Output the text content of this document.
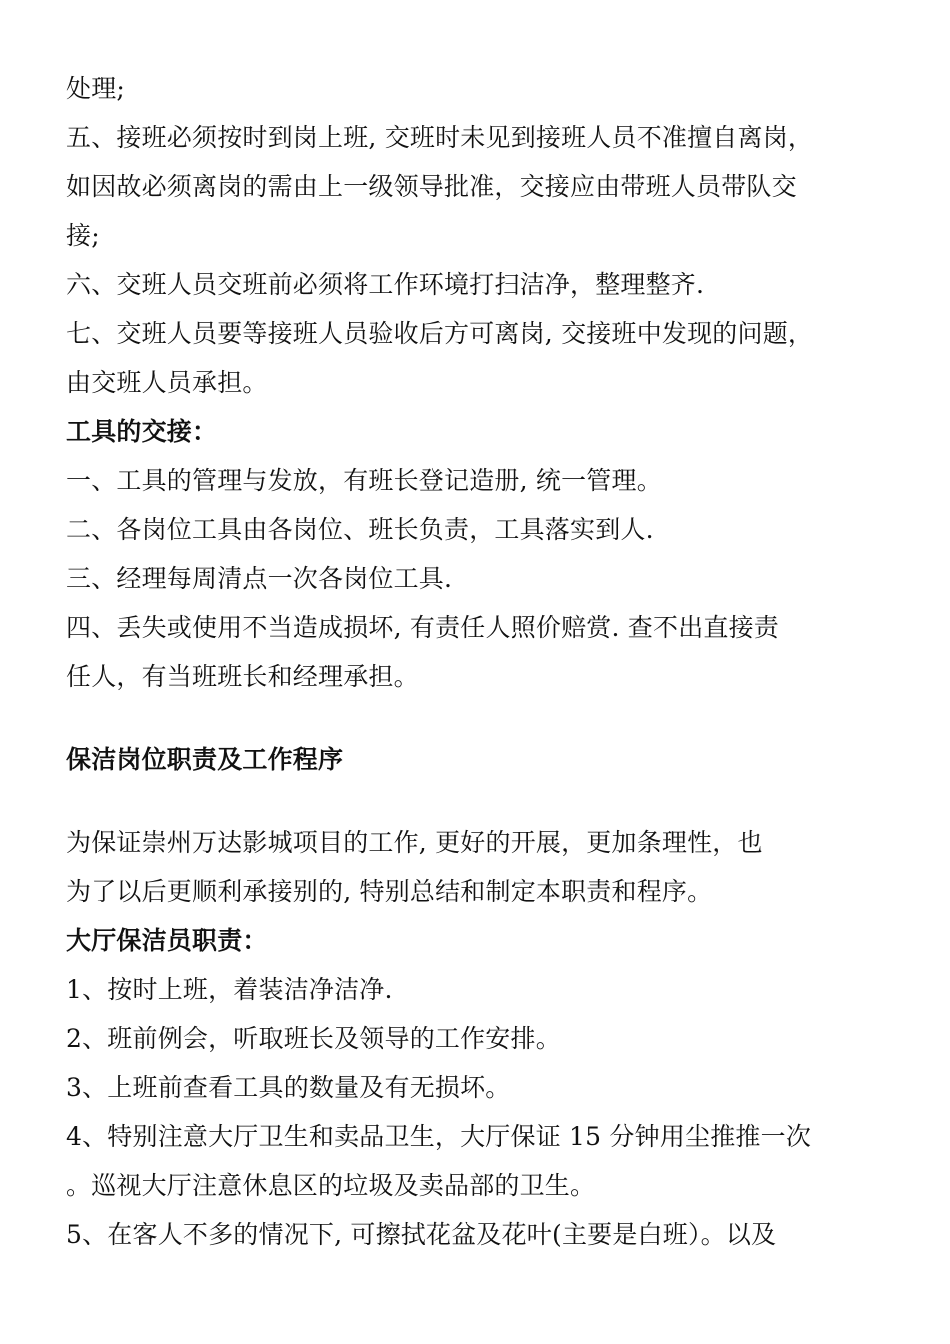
处理;
五、接班必须按时到岗上班, 交班时未见到接班人员不准擅自离岗，
如因故必须离岗的需由上一级领导批准，交接应由带班人员带队交
接;
六、交班人员交班前必须将工作环境打扫洁净，整理整齐.
七、交班人员要等接班人员验收后方可离岗, 交接班中发现的问题，
由交班人员承担。
工具的交接：
一、工具的管理与发放，有班长登记造册, 统一管理。
二、各岗位工具由各岗位、班长负责，工具落实到人.
三、经理每周清点一次各岗位工具.
四、丢失或使用不当造成损坏, 有责任人照价赔赏. 查不出直接责
任人，有当班班长和经理承担。
保洁岗位职责及工作程序
为保证崇州万达影城项目的工作, 更好的开展，更加条理性，也
为了以后更顺利承接别的, 特别总结和制定本职责和程序。
大厅保洁员职责：
1、按时上班，着装洁净洁净.
2、班前例会，听取班长及领导的工作安排。
3、上班前查看工具的数量及有无损坏。
4、特别注意大厅卫生和卖品卫生，大厅保证 15 分钟用尘推推一次
。巡视大厅注意休息区的垃圾及卖品部的卫生。
5、在客人不多的情况下, 可擦拭花盆及花叶(主要是白班）。以及
